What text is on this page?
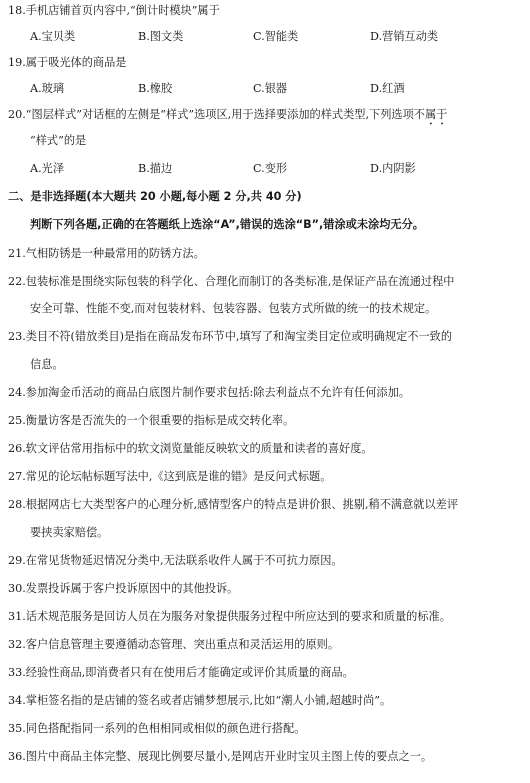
18.手机店铺首页内容中,“倒计时模块”属于
A.宝贝类	B.图文类	C.智能类	D.营销互动类
19.属于吸光体的商品是
A.玻璃	B.橡胶	C.银器	D.红酒
20.“图层样式”对话框的左侧是“样式”选项区,用于选择要添加的样式类型,下列选项不属于
“样式”的是
A.光泽	B.描边	C.变形	D.内阴影
二、是非选择题(本大题共 20 小题,每小题 2 分,共 40 分)
判断下列各题,正确的在答题纸上选涂“A”,错误的选涂“B”,错涂或未涂均无分。
21.气相防锈是一种最常用的防锈方法。
22.包装标准是围绕实际包装的科学化、合理化而制订的各类标准,是保证产品在流通过程中
安全可靠、性能不变,而对包装材料、包装容器、包装方式所做的统一的技术规定。
23.类目不符(错放类目)是指在商品发布环节中,填写了和淘宝类目定位或明确规定不一致的
信息。
24.参加淘金币活动的商品白底图片制作要求包括:除去利益点不允许有任何添加。
25.衡量访客是否流失的一个很重要的指标是成交转化率。
26.软文评估常用指标中的软文浏览量能反映软文的质量和读者的喜好度。
27.常见的论坛帖标题写法中,《这到底是谁的错》是反问式标题。
28.根据网店七大类型客户的心理分析,感情型客户的特点是讲价狠、挑剔,稍不满意就以差评
要挟卖家赔偿。
29.在常见货物延迟情况分类中,无法联系收件人属于不可抗力原因。
30.发票投诉属于客户投诉原因中的其他投诉。
31.话术规范服务是回访人员在为服务对象提供服务过程中所应达到的要求和质量的标准。
32.客户信息管理主要遵循动态管理、突出重点和灵活运用的原则。
33.经验性商品,即消费者只有在使用后才能确定或评价其质量的商品。
34.掌柜签名指的是店铺的签名或者店铺梦想展示,比如“潮人小铺,超越时尚”。
35.同色搭配指同一系列的色相相同或相似的颜色进行搭配。
36.图片中商品主体完整、展现比例要尽量小,是网店开业时宝贝主图上传的要点之一。
